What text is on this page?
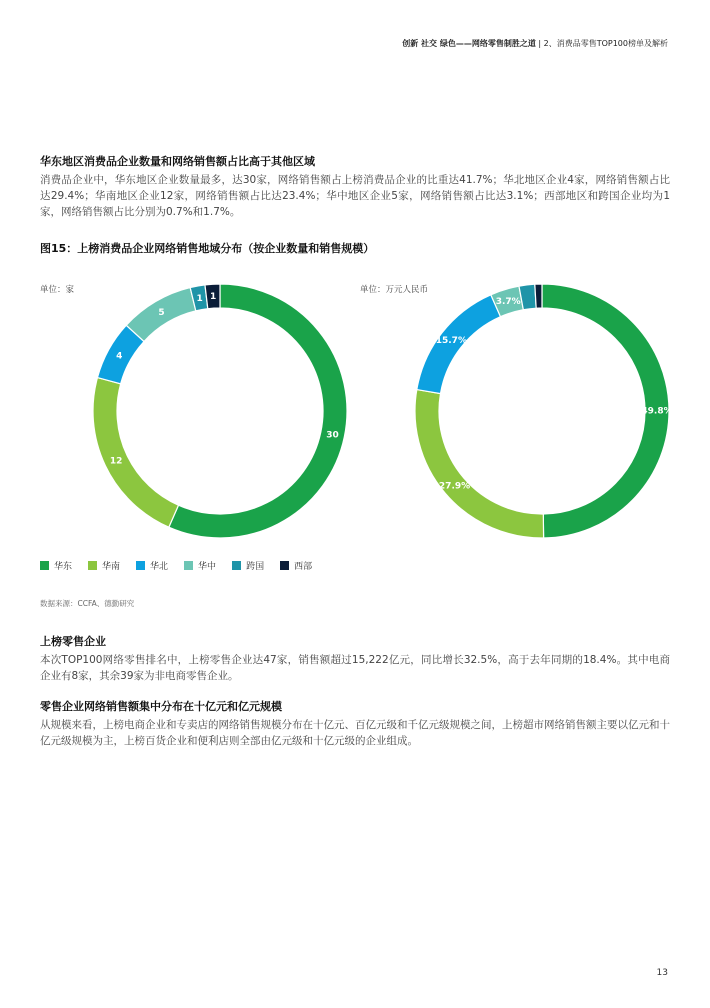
创新 社交 绿色——网络零售制胜之道 | 2、消费品零售TOP100榜单及解析

华东地区消费品企业数量和网络销售额占比高于其他区域

消费品企业中，华东地区企业数量最多，达30家，网络销售额占上榜消费品企业的比重达41.7%；华北地区企业4家，网络销售额占比达29.4%；华南地区企业12家，网络销售额占比达23.4%；华中地区企业5家，网络销售额占比达3.1%；西部地区和跨国企业均为1家，网络销售额占比分别为0.7%和1.7%。

图15：上榜消费品企业网络销售地域分布（按企业数量和销售规模）
单位：家	单位：万元人民币
30
12
4
5
1 1
49.8%
27.9%
15.7%
3.7%
华东	华南	华北	华中	跨国	西部
数据来源：CCFA、德勤研究

上榜零售企业

本次TOP100网络零售排名中，上榜零售企业达47家，销售额超过15,222亿元，同比增长32.5%，高于去年同期的18.4%。其中电商企业有8家，其余39家为非电商零售企业。

零售企业网络销售额集中分布在十亿元和亿元规模

从规模来看，上榜电商企业和专卖店的网络销售规模分布在十亿元、百亿元级和千亿元级规模之间，上榜超市网络销售额主要以亿元和十亿元级规模为主，上榜百货企业和便利店则全部由亿元级和十亿元级的企业组成。

13
